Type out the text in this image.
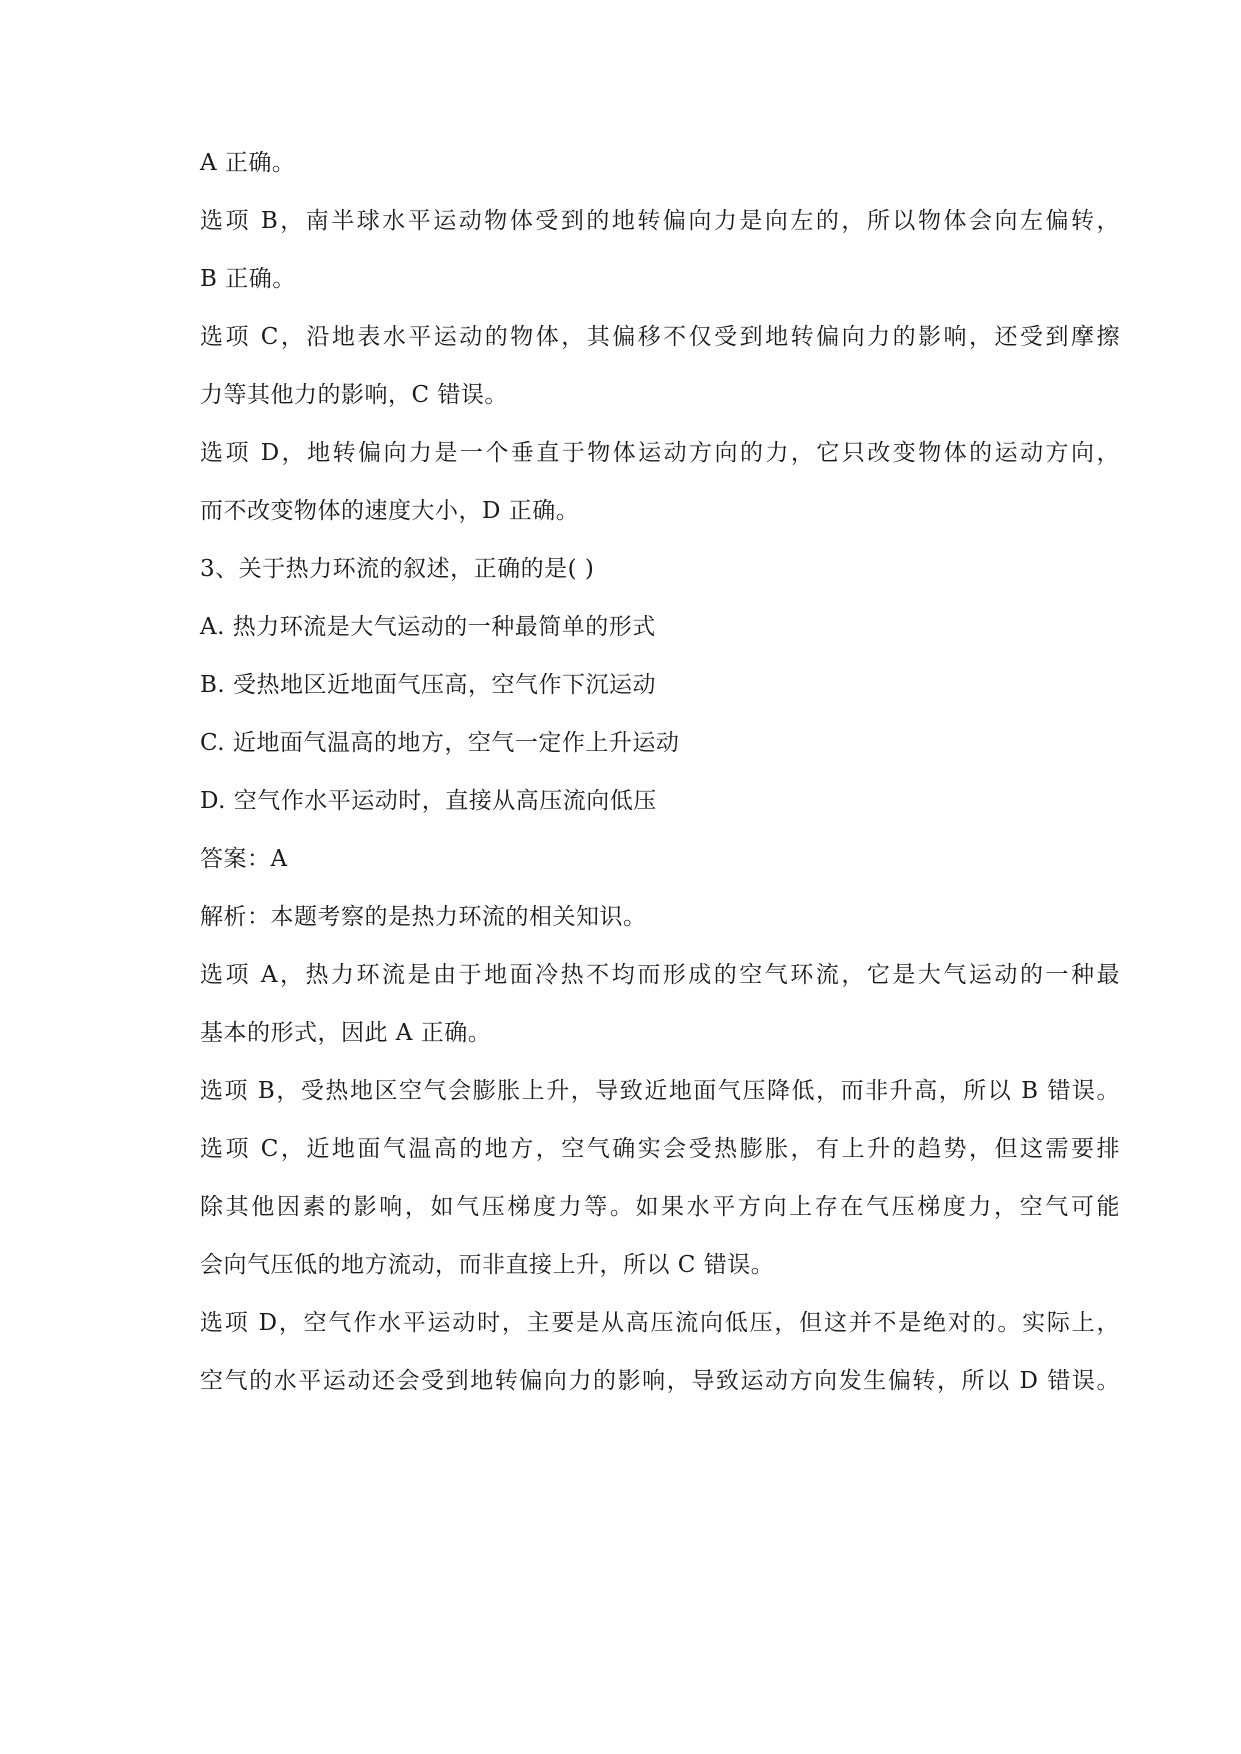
A 正确。
选项 B，南半球水平运动物体受到的地转偏向力是向左的，所以物体会向左偏转，
B 正确。
选项 C，沿地表水平运动的物体，其偏移不仅受到地转偏向力的影响，还受到摩擦
力等其他力的影响，C 错误。
选项 D，地转偏向力是一个垂直于物体运动方向的力，它只改变物体的运动方向，
而不改变物体的速度大小，D 正确。
3、关于热力环流的叙述，正确的是( )
A. 热力环流是大气运动的一种最简单的形式
B. 受热地区近地面气压高，空气作下沉运动
C. 近地面气温高的地方，空气一定作上升运动
D. 空气作水平运动时，直接从高压流向低压
答案：A
解析：本题考察的是热力环流的相关知识。
选项 A，热力环流是由于地面冷热不均而形成的空气环流，它是大气运动的一种最
基本的形式，因此 A 正确。
选项 B，受热地区空气会膨胀上升，导致近地面气压降低，而非升高，所以 B 错误。
选项 C，近地面气温高的地方，空气确实会受热膨胀，有上升的趋势，但这需要排
除其他因素的影响，如气压梯度力等。如果水平方向上存在气压梯度力，空气可能
会向气压低的地方流动，而非直接上升，所以 C 错误。
选项 D，空气作水平运动时，主要是从高压流向低压，但这并不是绝对的。实际上，
空气的水平运动还会受到地转偏向力的影响，导致运动方向发生偏转，所以 D 错误。
